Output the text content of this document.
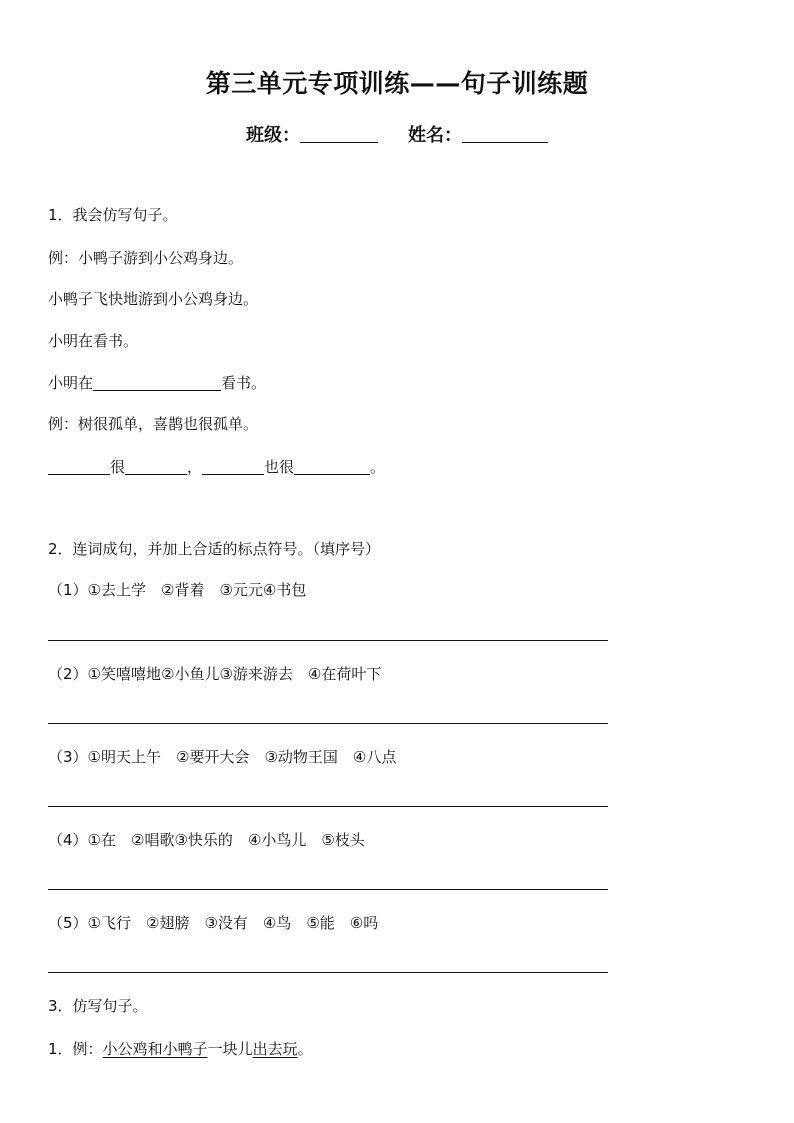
第三单元专项训练——句子训练题
班级：	姓名：
1．我会仿写句子。
例：小鸭子游到小公鸡身边。
小鸭子飞快地游到小公鸡身边。
小明在看书。
小明在	看书。
例：树很孤单，喜鹊也很孤单。
很	，	也很	。
2．连词成句，并加上合适的标点符号。（填序号）
（1）①去上学　②背着　③元元④书包
（2）①笑嘻嘻地②小鱼儿③游来游去　④在荷叶下
（3）①明天上午　②要开大会　③动物王国　④八点
（4）①在　②唱歌③快乐的　④小鸟儿　⑤枝头
（5）①飞行　②翅膀　③没有　④鸟　⑤能　⑥吗
3．仿写句子。
1．例：小公鸡和小鸭子一块儿出去玩。
